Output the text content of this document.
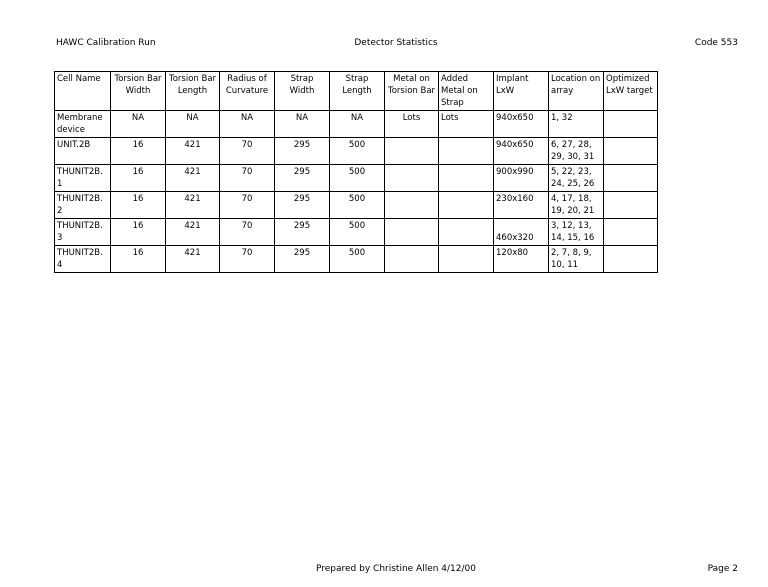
HAWC Calibration Run	Detector Statistics	Code 553
Cell Name	Torsion Bar Width	Torsion Bar Length	Radius of Curvature	Strap Width	Strap Length	Metal on Torsion Bar	Added Metal on Strap	Implant LxW	Location on array	Optimized LxW target
Membrane device	NA	NA	NA	NA	NA	Lots	Lots	940x650	1, 32	
UNIT.2B	16	421	70	295	500			940x650	6, 27, 28, 29, 30, 31	
THUNIT2B.1	16	421	70	295	500			900x990	5, 22, 23, 24, 25, 26	
THUNIT2B.2	16	421	70	295	500			230x160	4, 17, 18, 19, 20, 21	
THUNIT2B.3	16	421	70	295	500			460x320	3, 12, 13, 14, 15, 16	
THUNIT2B.4	16	421	70	295	500			120x80	2, 7, 8, 9, 10, 11	
Prepared by Christine Allen 4/12/00	Page 2
